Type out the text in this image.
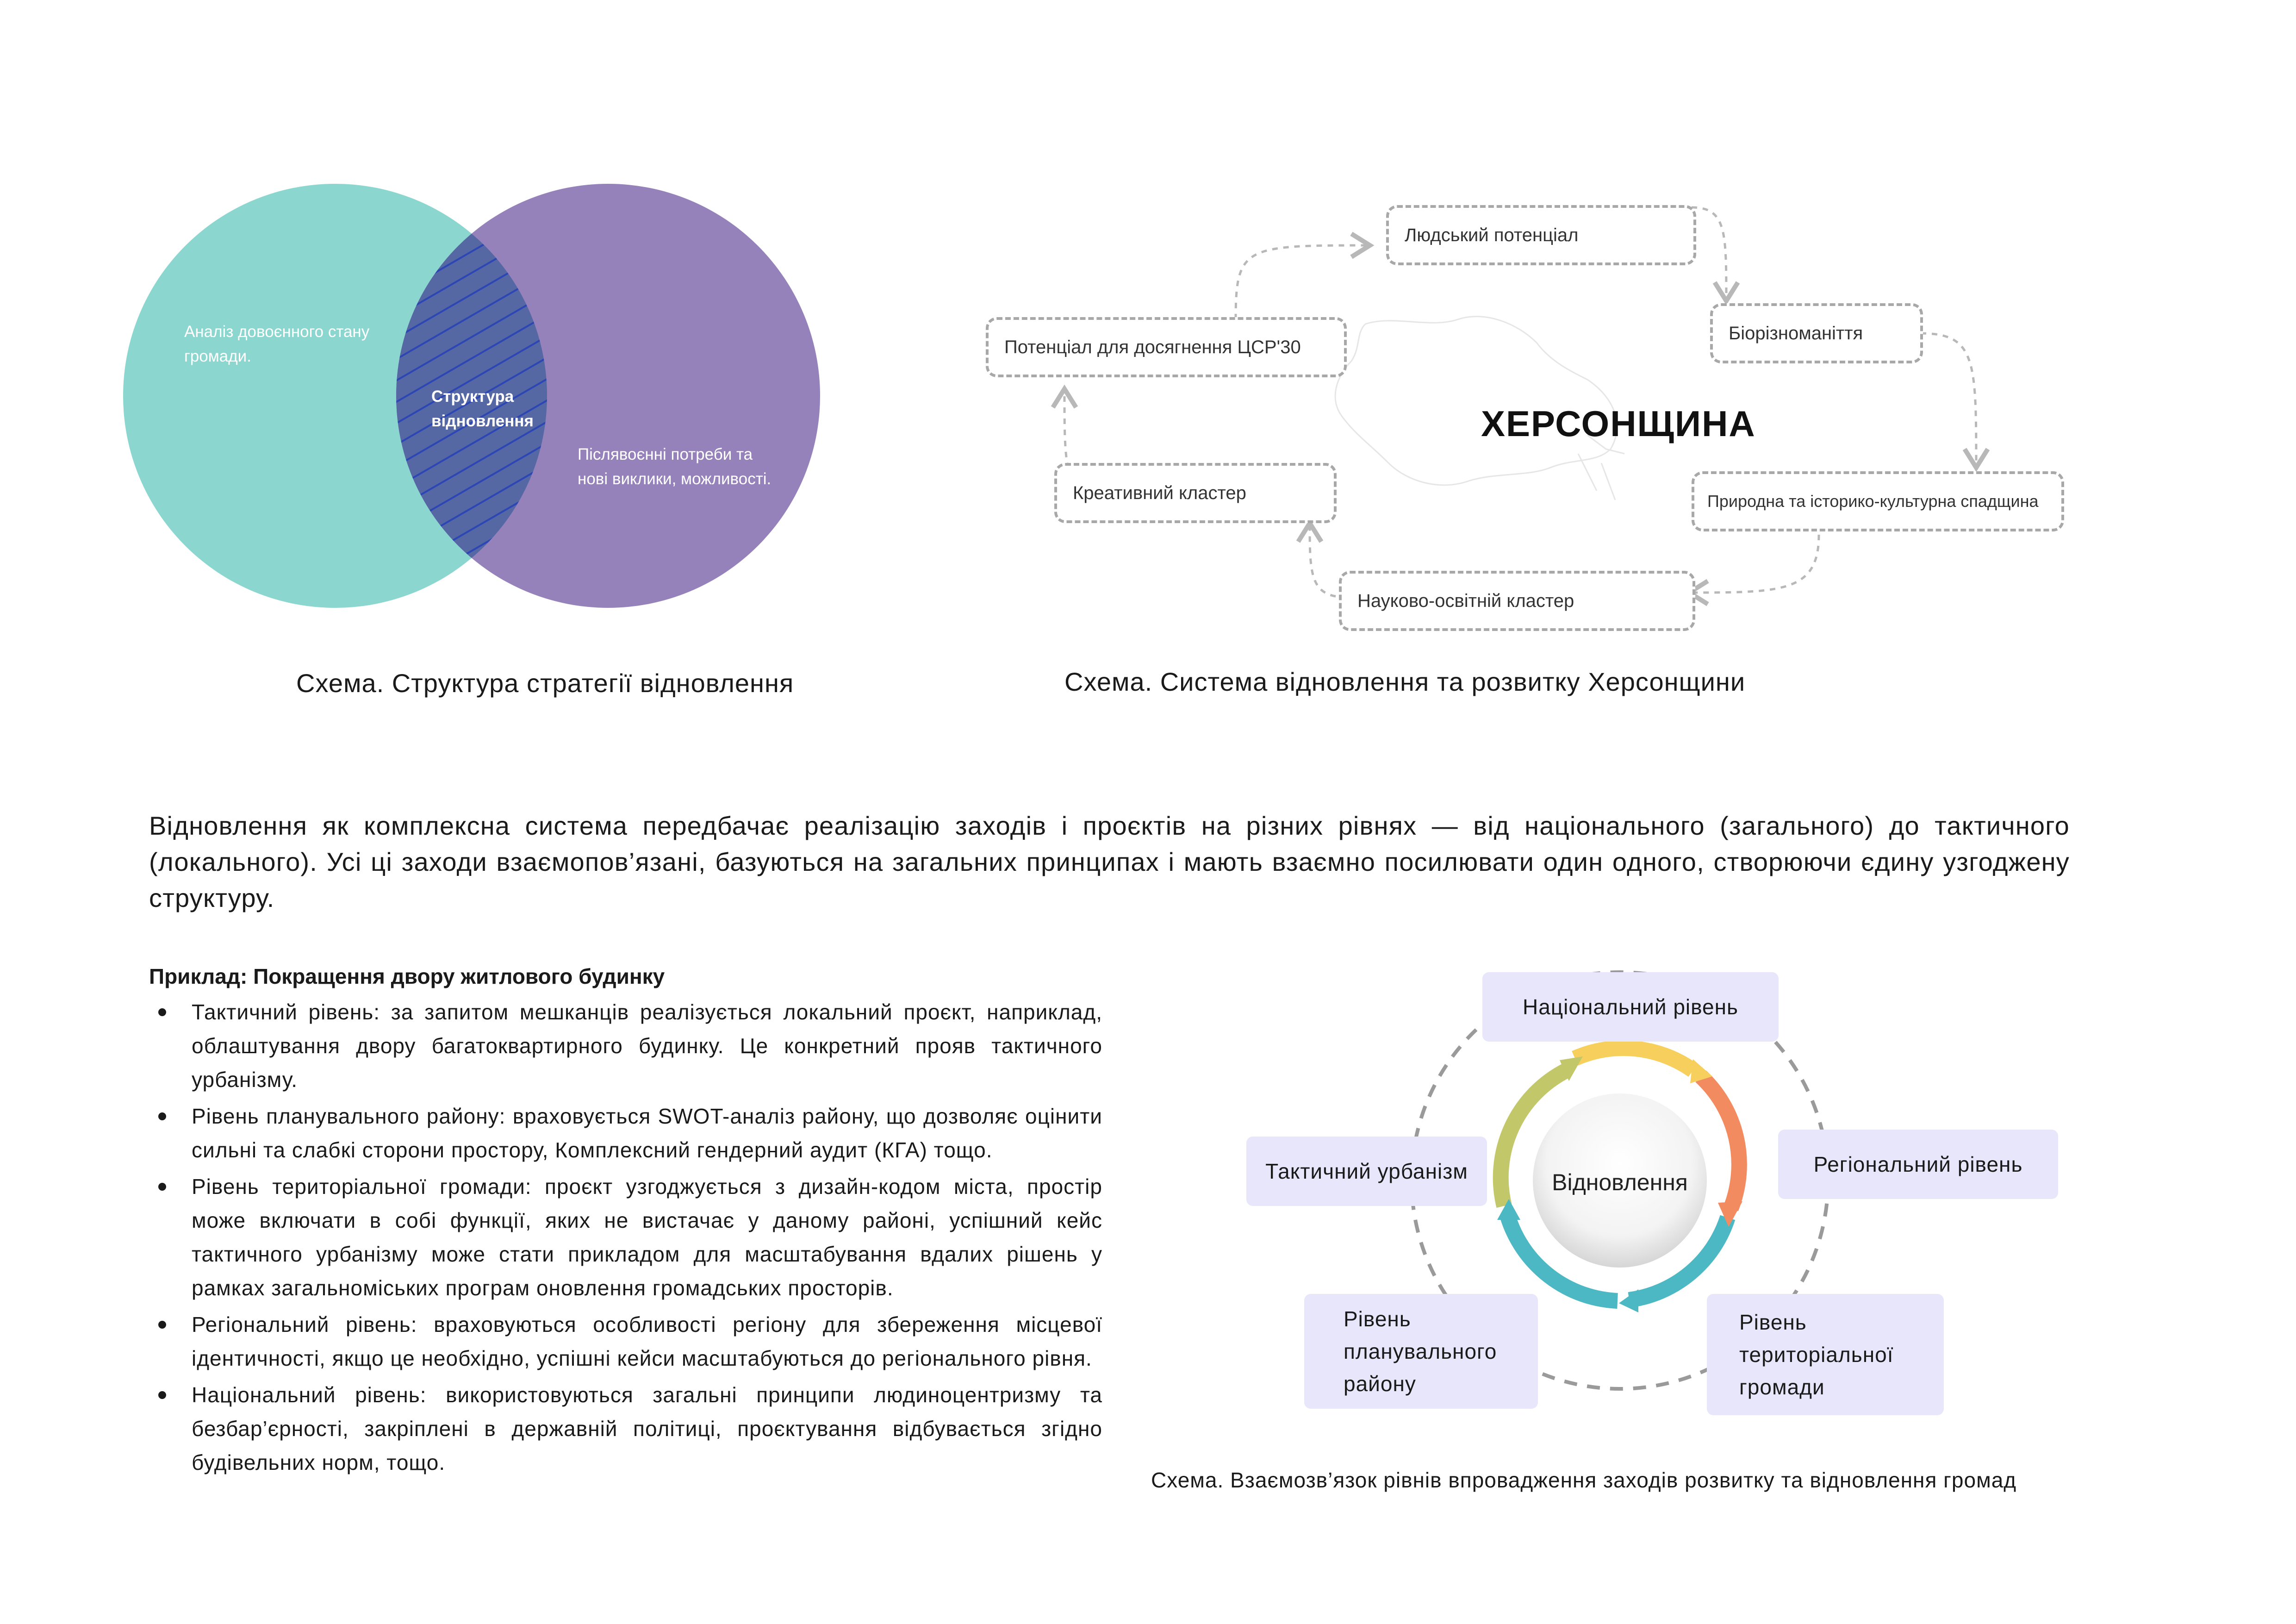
Аналіз довоєнного стану громади.
Структура відновлення
Післявоєнні потреби та нові виклики, можливості.
Схема. Структура стратегії відновлення
ХЕРСОНЩИНА
Людський потенціал
Біорізноманіття
Природна та історико-культурна спадщина
Науково-освітній кластер
Креативний кластер
Потенціал для досягнення ЦСР'30
Схема. Система відновлення та розвитку Херсонщини
Відновлення як комплексна система передбачає реалізацію заходів і проєктів на різних рівнях — від національного (загального) до тактичного (локального). Усі ці заходи взаємопов’язані, базуються на загальних принципах і мають взаємно посилювати один одного, створюючи єдину узгоджену структуру.
Приклад: Покращення двору житлового будинку
Тактичний рівень: за запитом мешканців реалізується локальний проєкт, наприклад, облаштування двору багатоквартирного будинку. Це конкретний прояв тактичного урбанізму.
Рівень планувального району: враховується SWOT-аналіз району, що дозволяє оцінити сильні та слабкі сторони простору, Комплексний гендерний аудит (КГА) тощо.
Рівень територіальної громади: проєкт узгоджується з дизайн-кодом міста, простір може включати в собі функції, яких не вистачає у даному районі, успішний кейс тактичного урбанізму може стати прикладом для масштабування вдалих рішень у рамках загальноміських програм оновлення громадських просторів.
Регіональний рівень: враховуються особливості регіону для збереження місцевої ідентичності, якщо це необхідно, успішні кейси масштабуються до регіонального рівня.
Національний рівень: використовуються загальні принципи людиноцентризму та безбар’єрності, закріплені в державній політиці, проєктування відбувається згідно будівельних норм, тощо.
Відновлення
Національний рівень
Регіональний рівень
Рівень територіальної громади
Рівень планувального району
Тактичний урбанізм
Схема. Взаємозв’язок рівнів впровадження заходів розвитку та відновлення громад
